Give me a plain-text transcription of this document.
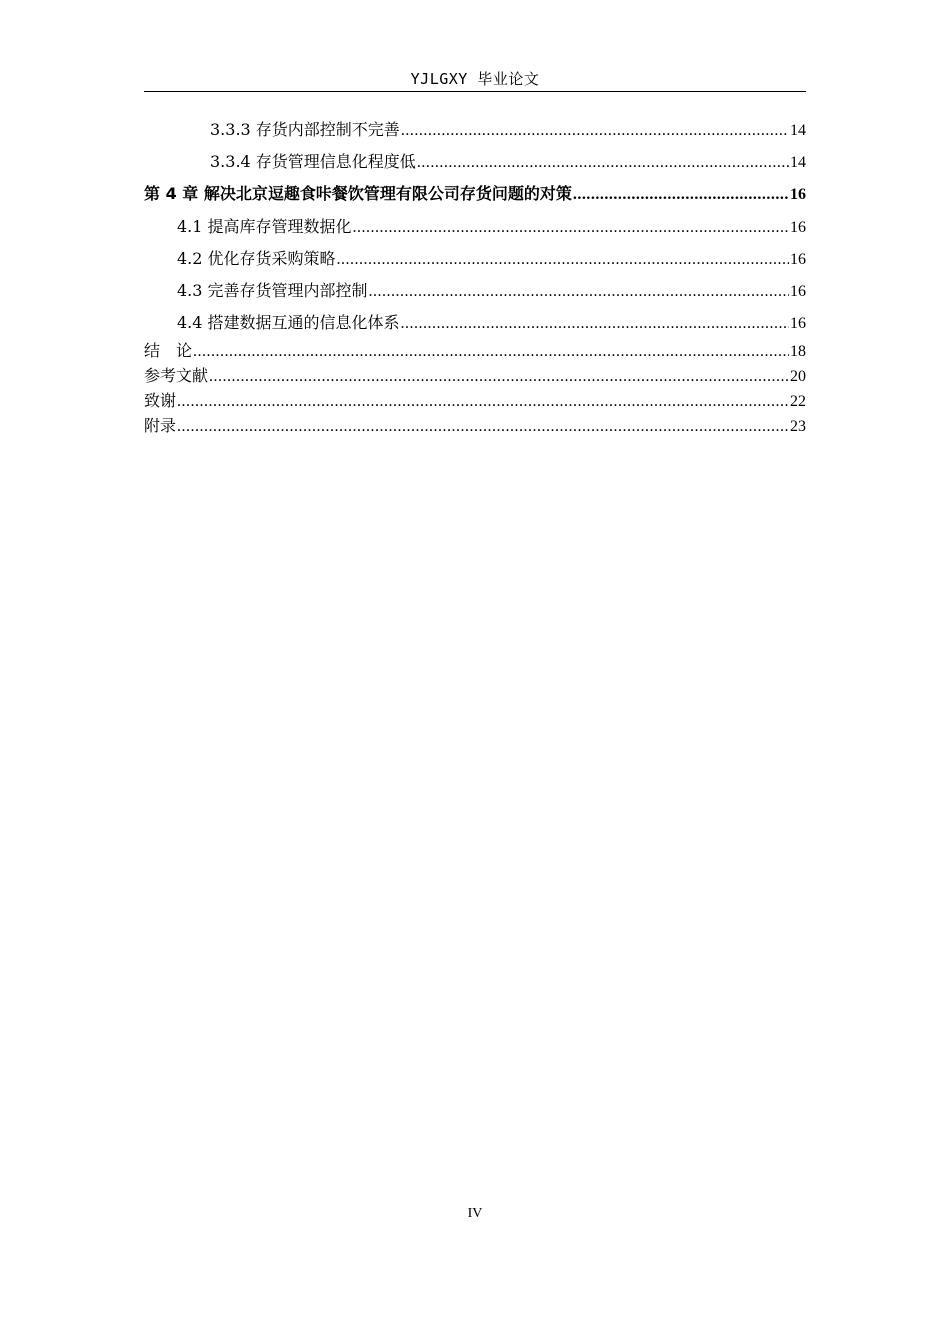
YJLGXY 毕业论文
3.3.3 存货内部控制不完善 .....	14
3.3.4 存货管理信息化程度低 .....	14
第 4 章 解决北京逗趣食咔餐饮管理有限公司存货问题的对策 .....	16
4.1 提高库存管理数据化 .....	16
4.2 优化存货采购策略 .....	16
4.3 完善存货管理内部控制 .....	16
4.4 搭建数据互通的信息化体系 .....	16
结　论 .....	18
参考文献 .....	20
致谢 .....	22
附录 .....	23
IV
